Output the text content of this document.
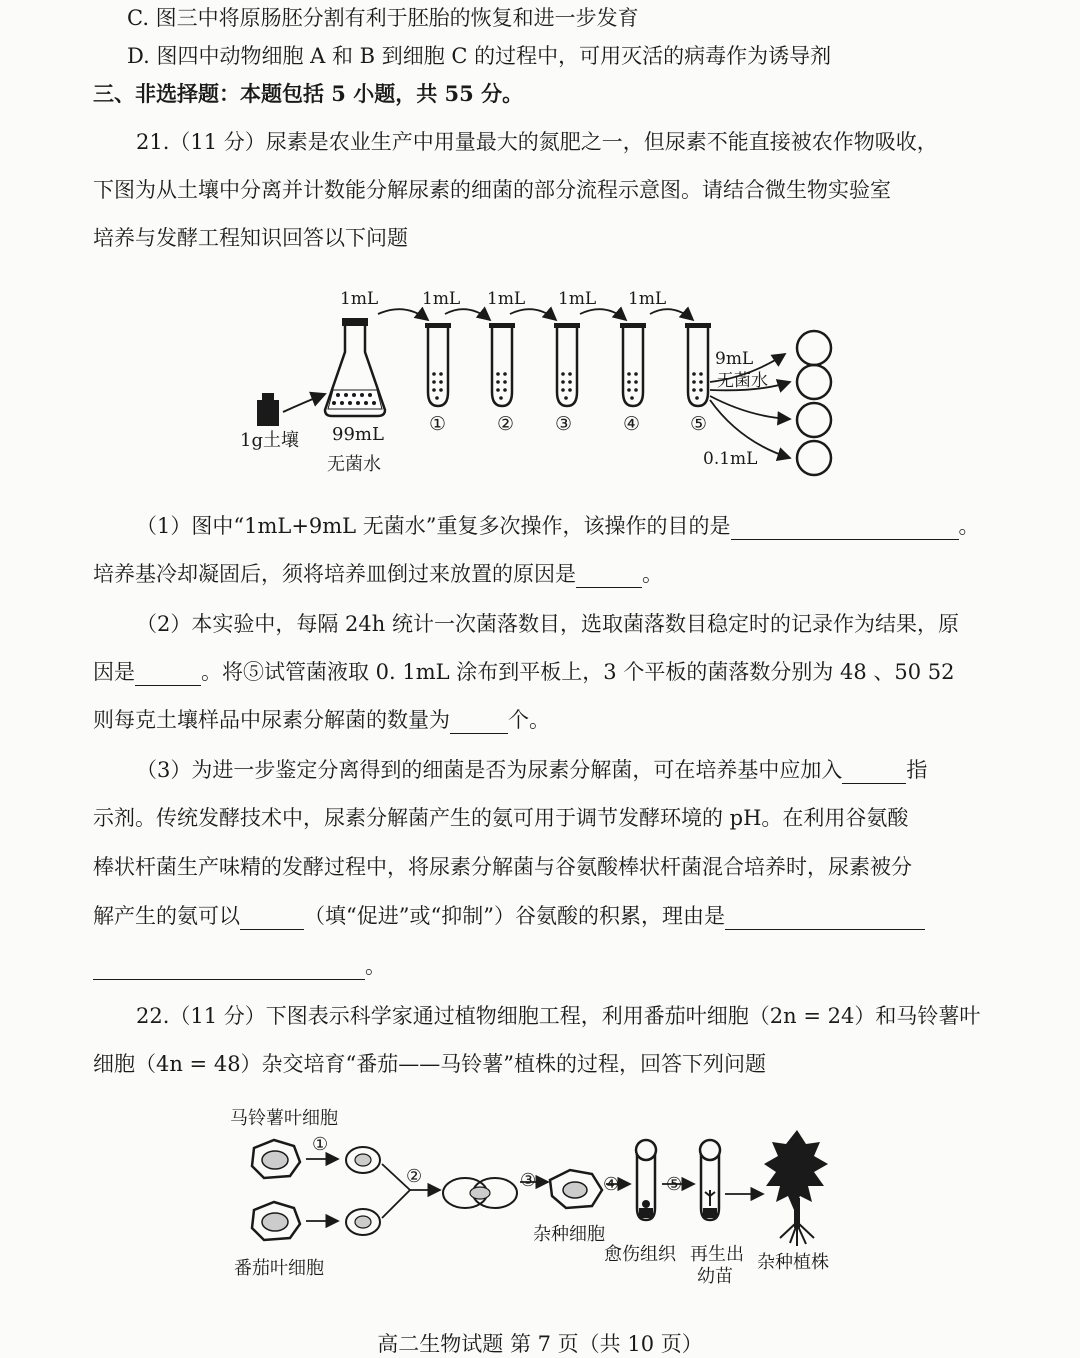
C. 图三中将原肠胚分割有利于胚胎的恢复和进一步发育
D. 图四中动物细胞 A 和 B 到细胞 C 的过程中，可用灭活的病毒作为诱导剂
三、非选择题：本题包括 5 小题，共 55 分。
21.（11 分）尿素是农业生产中用量最大的氮肥之一，但尿素不能直接被农作物吸收，
下图为从土壤中分离并计数能分解尿素的细菌的部分流程示意图。请结合微生物实验室
培养与发酵工程知识回答以下问题
1g土壤 99mL
无菌水
1mL	1mL 1mL 1mL 1mL
①	② ③	④	⑤
9mL
无菌水
0.1mL
（1）图中“1mL+9mL 无菌水”重复多次操作，该操作的目的是	。
培养基冷却凝固后，须将培养皿倒过来放置的原因是	。
（2）本实验中，每隔 24h 统计一次菌落数目，选取菌落数目稳定时的记录作为结果，原
因是	。将⑤试管菌液取 0. 1mL 涂布到平板上，3 个平板的菌落数分别为 48 、50 52
则每克土壤样品中尿素分解菌的数量为	个。
（3）为进一步鉴定分离得到的细菌是否为尿素分解菌，可在培养基中应加入	指
示剂。传统发酵技术中，尿素分解菌产生的氨可用于调节发酵环境的 pH。在利用谷氨酸
棒状杆菌生产味精的发酵过程中，将尿素分解菌与谷氨酸棒状杆菌混合培养时，尿素被分
解产生的氨可以	（填“促进”或“抑制”）谷氨酸的积累，理由是
。
22.（11 分）下图表示科学家通过植物细胞工程，利用番茄叶细胞（2n = 24）和马铃薯叶
细胞（4n = 48）杂交培育“番茄——马铃薯”植株的过程，回答下列问题
马铃薯叶细胞
①
番茄叶细胞
②	③
杂种细胞
④
愈伤组织
⑤
再生出
幼苗
杂种植株
高二生物试题 第 7 页（共 10 页）
